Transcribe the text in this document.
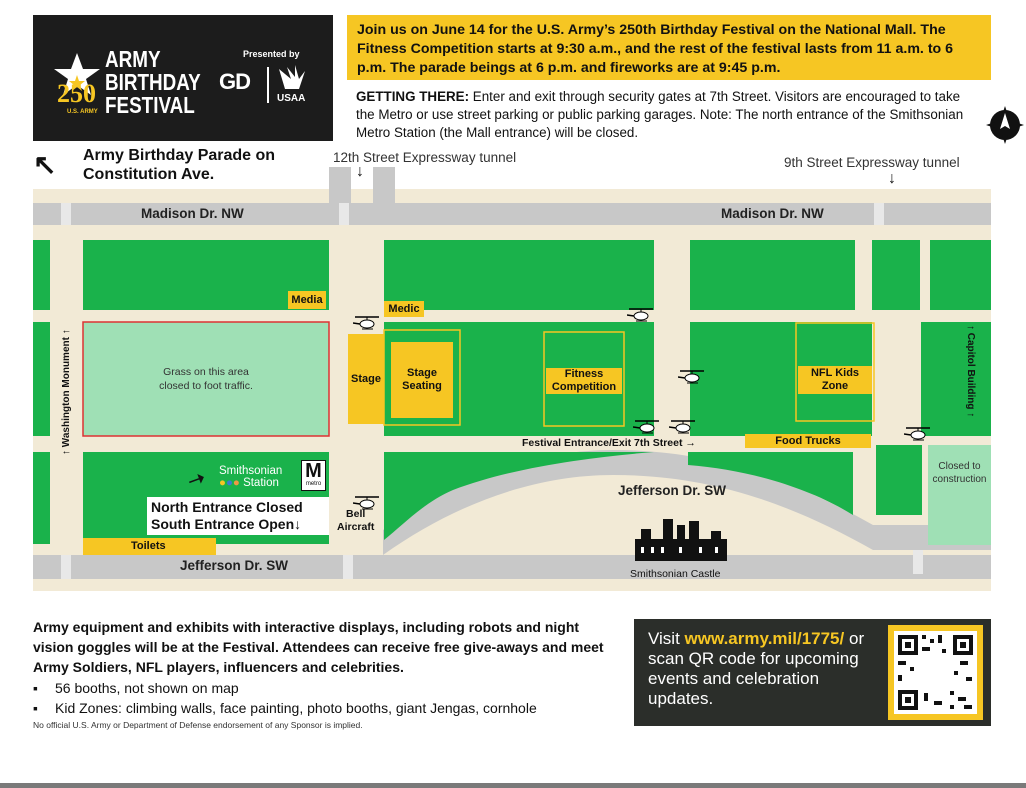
250
U.S. ARMY
ARMY
BIRTHDAY
FESTIVAL
Presented by
GD
USAA
Join us on June 14 for the U.S. Army’s 250th Birthday Festival on the National Mall. The Fitness Competition starts at 9:30 a.m., and the rest of the festival lasts from 11 a.m. to 6 p.m. The parade beings at 6 p.m. and fireworks are at 9:45 p.m.
GETTING THERE: Enter and exit through security gates at 7th Street. Visitors are encouraged to take the Metro or use street parking or public parking garages. Note: The north entrance of the Smithsonian Metro Station (the Mall entrance) will be closed.
↖ Army Birthday Parade on
Constitution Ave.
Media
Medic
Stage	Stage Seating
Fitness Competition
NFL Kids Zone
Food Trucks
Toilets
Grass on this area
closed to foot traffic.
Closed to
construction
Madison Dr. NW	Madison Dr. NW
Jefferson Dr. SW
Jefferson Dr. SW
↑ Washington Monument ↑	↑ Capitol Building ↑
Festival Entrance/Exit 7th Street →
Bell
Aircraft
➝ Smithsonian
●●● Station
M
metro
North Entrance Closed
South Entrance Open↓
Smithsonian Castle
12th Street Expressway tunnel
↓
9th Street Expressway tunnel
↓
Army equipment and exhibits with interactive displays, including robots and night vision goggles will be at the Festival. Attendees can receive free give-aways and meet Army Soldiers, NFL players, influencers and celebrities.
▪ 56 booths, not shown on map
▪ Kid Zones: climbing walls, face painting, photo booths, giant Jengas, cornhole
No official U.S. Army or Department of Defense endorsement of any Sponsor is implied.
Visit www.army.mil/1775/ or scan QR code for upcoming events and celebration updates.
Army.mil/
1775
